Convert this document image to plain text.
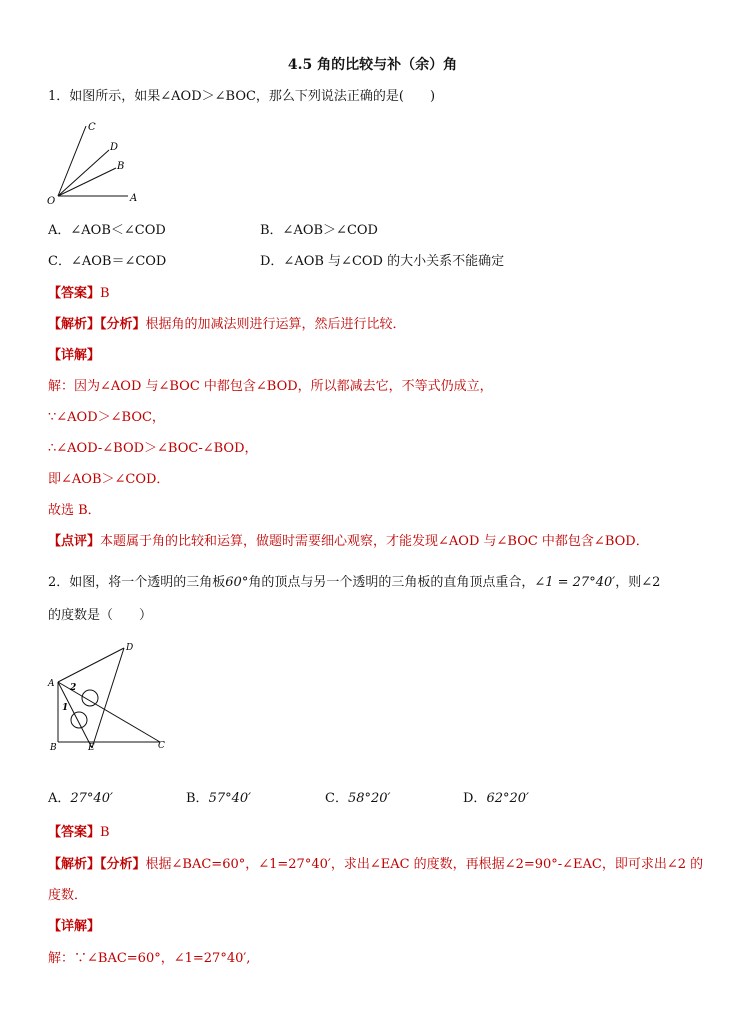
4.5 角的比较与补（余）角
1．如图所示，如果∠AOD＞∠BOC，那么下列说法正确的是(　　)
C
D
B
O	A
A．∠AOB＜∠COD	B．∠AOB＞∠COD
C．∠AOB＝∠COD	D．∠AOB 与∠COD 的大小关系不能确定
【答案】B
【解析】【分析】根据角的加减法则进行运算，然后进行比较．
【详解】
解：因为∠AOD 与∠BOC 中都包含∠BOD，所以都减去它，不等式仍成立，
∵∠AOD＞∠BOC，
∴∠AOD-∠BOD＞∠BOC-∠BOD，
即∠AOB＞∠COD．
故选 B．
【点评】本题属于角的比较和运算，做题时需要细心观察，才能发现∠AOD 与∠BOC 中都包含∠BOD．
2．如图，将一个透明的三角板60°角的顶点与另一个透明的三角板的直角顶点重合，∠1 = 27°40′，则∠2
的度数是（　　）
D
A 2
1
B	E	C
A．27°40′	B．57°40′	C．58°20′	D．62°20′
【答案】B
【解析】【分析】根据∠BAC=60°，∠1=27°40′，求出∠EAC 的度数，再根据∠2=90°-∠EAC，即可求出∠2 的
度数．
【详解】
解：∵∠BAC=60°，∠1=27°40′,
